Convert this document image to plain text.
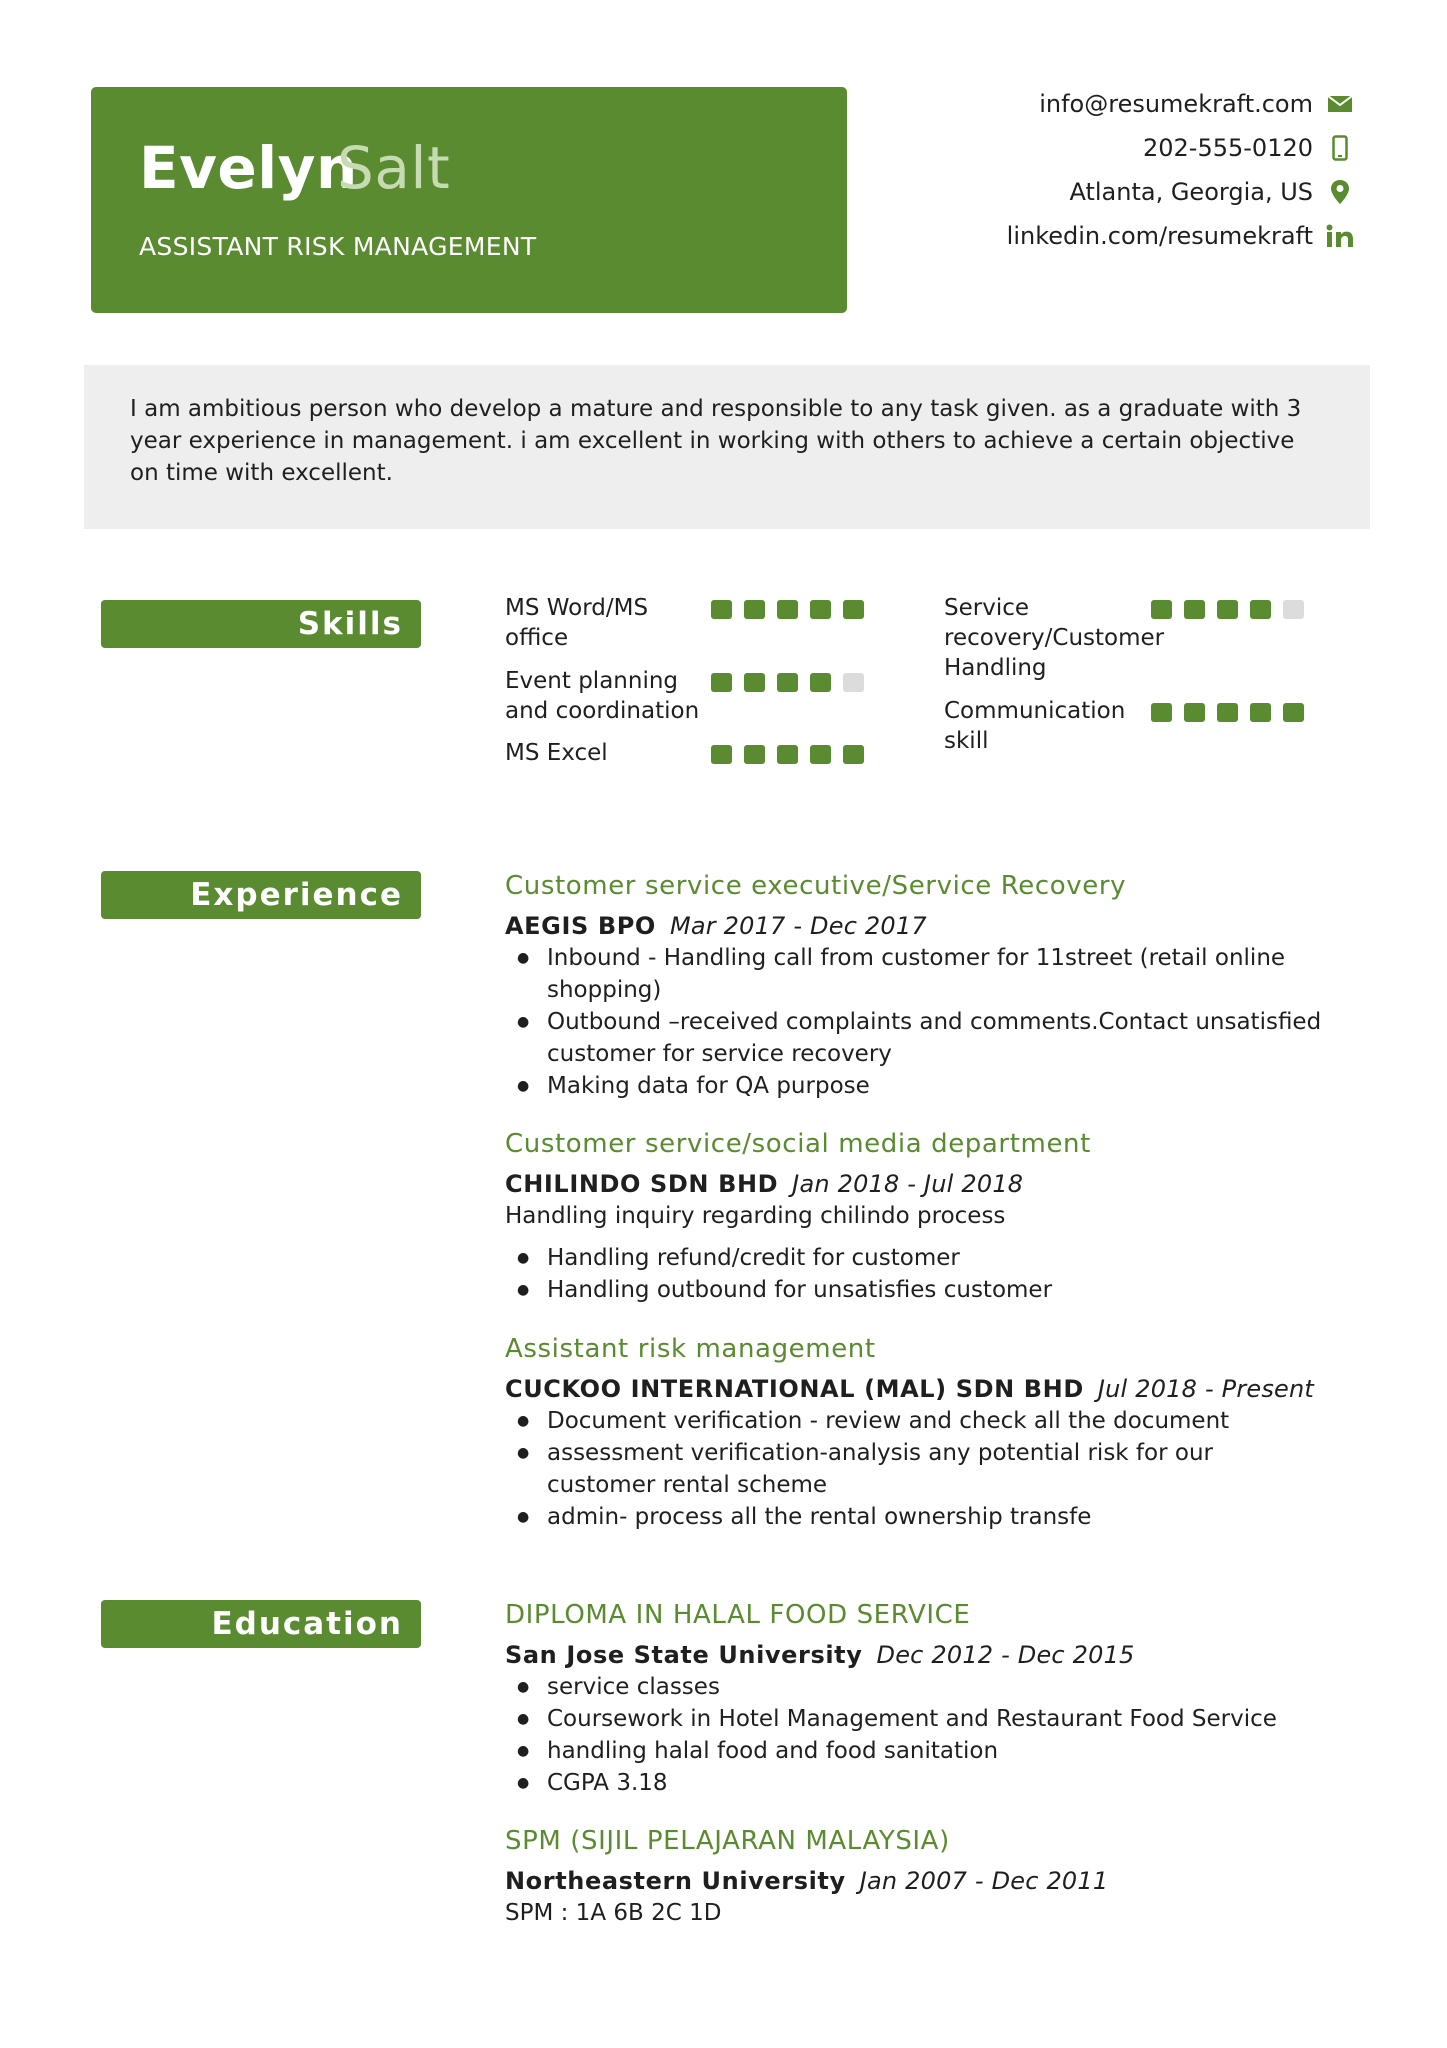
Evelyn
Salt
ASSISTANT RISK MANAGEMENT
info@resumekraft.com
202-555-0120
Atlanta, Georgia, US
linkedin.com/resumekraft
I am ambitious person who develop a mature and responsible to any task given. as a graduate with 3 year experience in management. i am excellent in working with others to achieve a certain objective on time with excellent.
Skills	MS Word/MS office
Event planning and coordination
MS Excel
Service recovery/Customer Handling
Communication skill
Experience	Customer service executive/Service Recovery
AEGIS BPO Mar 2017 - Dec 2017
● Inbound - Handling call from customer for 11street (retail online shopping)
● Outbound –received complaints and comments.Contact unsatisfied customer for service recovery
● Making data for QA purpose
Customer service/social media department
CHILINDO SDN BHD Jan 2018 - Jul 2018
Handling inquiry regarding chilindo process
● Handling refund/credit for customer
● Handling outbound for unsatisfies customer
Assistant risk management
CUCKOO INTERNATIONAL (MAL) SDN BHD Jul 2018 - Present
● Document verification - review and check all the document
● assessment verification-analysis any potential risk for our customer rental scheme
● admin- process all the rental ownership transfe
Education	DIPLOMA IN HALAL FOOD SERVICE
San Jose State University Dec 2012 - Dec 2015
● service classes
● Coursework in Hotel Management and Restaurant Food Service
● handling halal food and food sanitation
● CGPA 3.18
SPM (SIJIL PELAJARAN MALAYSIA)
Northeastern University Jan 2007 - Dec 2011
SPM : 1A 6B 2C 1D
